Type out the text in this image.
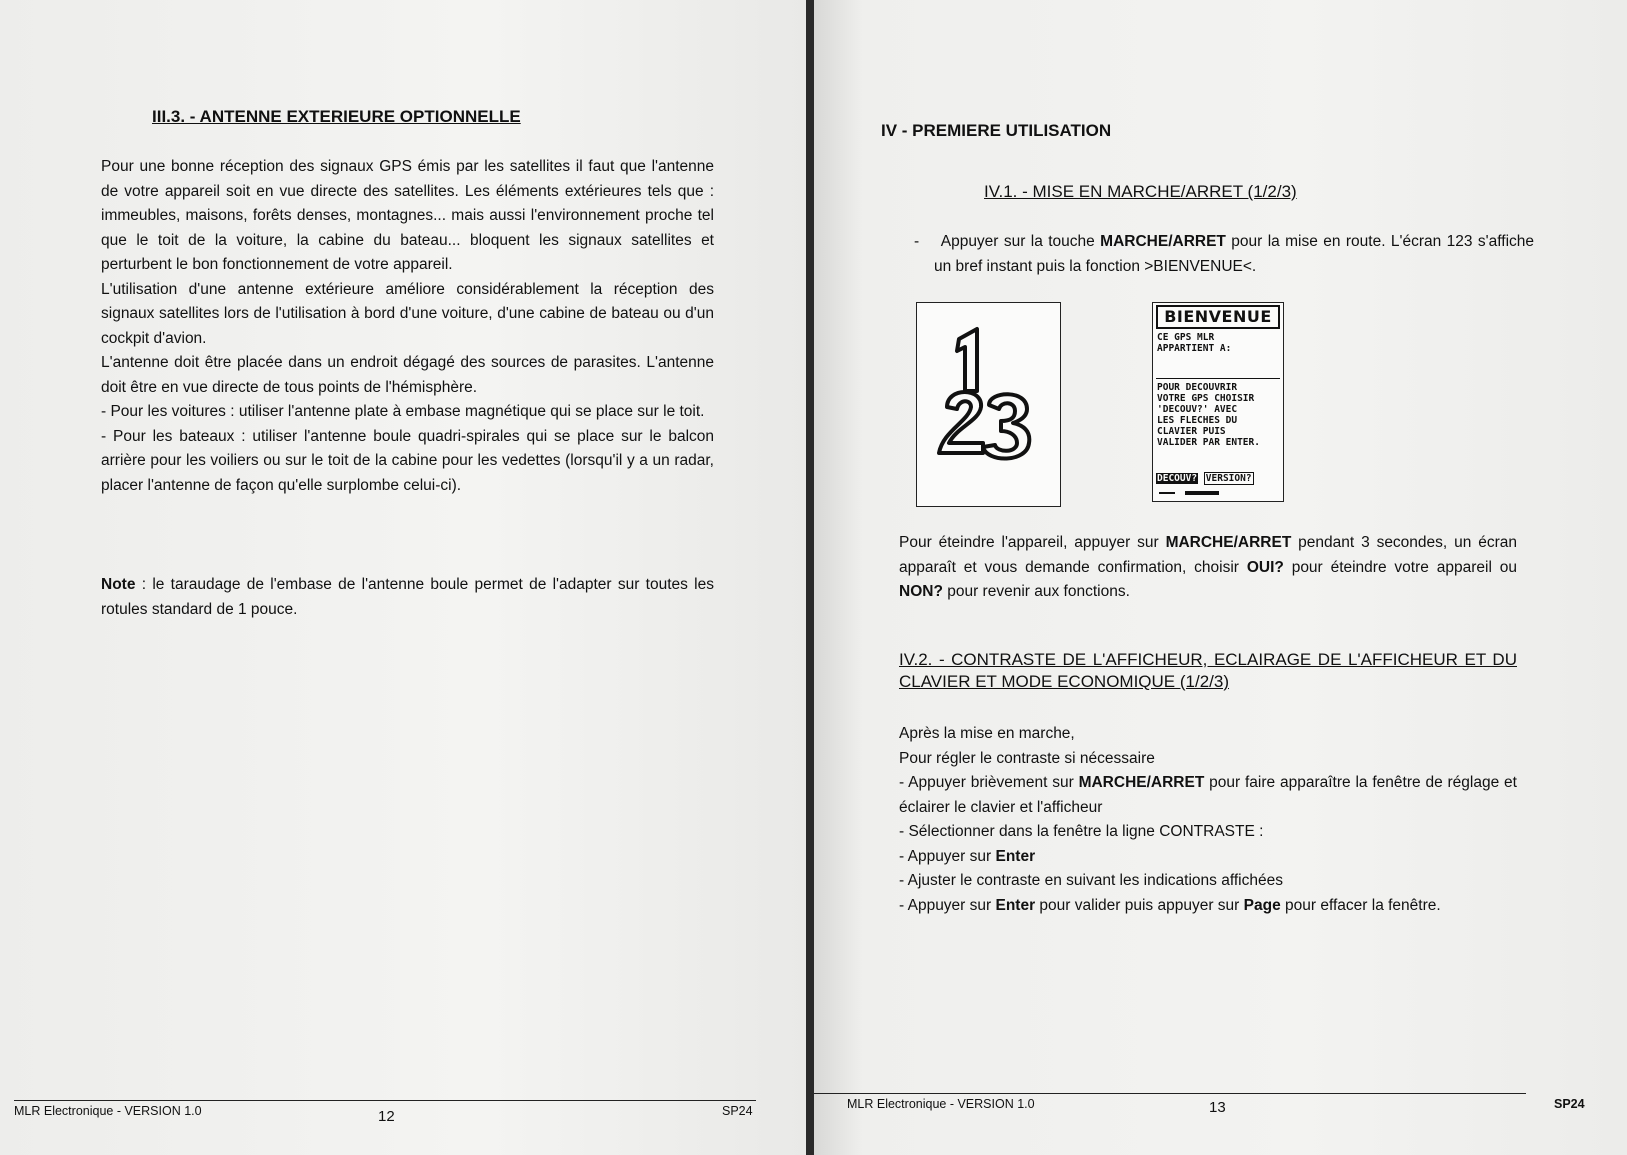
III.3. - ANTENNE EXTERIEURE OPTIONNELLE

Pour une bonne réception des signaux GPS émis par les satellites il faut que l'antenne de votre appareil soit en vue directe des satellites. Les éléments extérieures tels que : immeubles, maisons, forêts denses, montagnes... mais aussi l'environnement proche tel que le toit de la voiture, la cabine du bateau... bloquent les signaux satellites et perturbent le bon fonctionnement de votre appareil.

L'utilisation d'une antenne extérieure améliore considérablement la réception des signaux satellites lors de l'utilisation à bord d'une voiture, d'une cabine de bateau ou d'un cockpit d'avion.

L'antenne doit être placée dans un endroit dégagé des sources de parasites. L'antenne doit être en vue directe de tous points de l'hémisphère.

- Pour les voitures : utiliser l'antenne plate à embase magnétique qui se place sur le toit.

- Pour les bateaux : utiliser l'antenne boule quadri-spirales qui se place sur le balcon arrière pour les voiliers ou sur le toit de la cabine pour les vedettes (lorsqu'il y a un radar, placer l'antenne de façon qu'elle surplombe celui-ci).

Note : le taraudage de l'embase de l'antenne boule permet de l'adapter sur toutes les rotules standard de 1 pouce.

MLR Electronique - VERSION 1.0	12	SP24
IV - PREMIERE UTILISATION
IV.1. - MISE EN MARCHE/ARRET (1/2/3)

-    Appuyer sur la touche MARCHE/ARRET pour la mise en route. L'écran 123 s'affiche un bref instant puis la fonction >BIENVENUE<.

Pour éteindre l'appareil, appuyer sur MARCHE/ARRET pendant 3 secondes, un écran apparaît et vous demande confirmation, choisir OUI? pour éteindre votre appareil ou NON? pour revenir aux fonctions.

IV.2. - CONTRASTE DE L'AFFICHEUR, ECLAIRAGE DE L'AFFICHEUR ET DU CLAVIER ET MODE ECONOMIQUE (1/2/3)

Après la mise en marche,

Pour régler le contraste si nécessaire

- Appuyer brièvement sur MARCHE/ARRET pour faire apparaître la fenêtre de réglage et éclairer le clavier et l'afficheur

- Sélectionner dans la fenêtre la ligne CONTRASTE :

- Appuyer sur Enter

- Ajuster le contraste en suivant les indications affichées

- Appuyer sur Enter pour valider puis appuyer sur Page pour effacer la fenêtre.

MLR Electronique - VERSION 1.0	13	SP24
BIENVENUE
CE GPS MLR
APPARTIENT A:
POUR DECOUVRIR
VOTRE GPS CHOISIR
'DECOUV?' AVEC
LES FLECHES DU
CLAVIER PUIS
VALIDER PAR ENTER.
DECOUV? VERSION?
